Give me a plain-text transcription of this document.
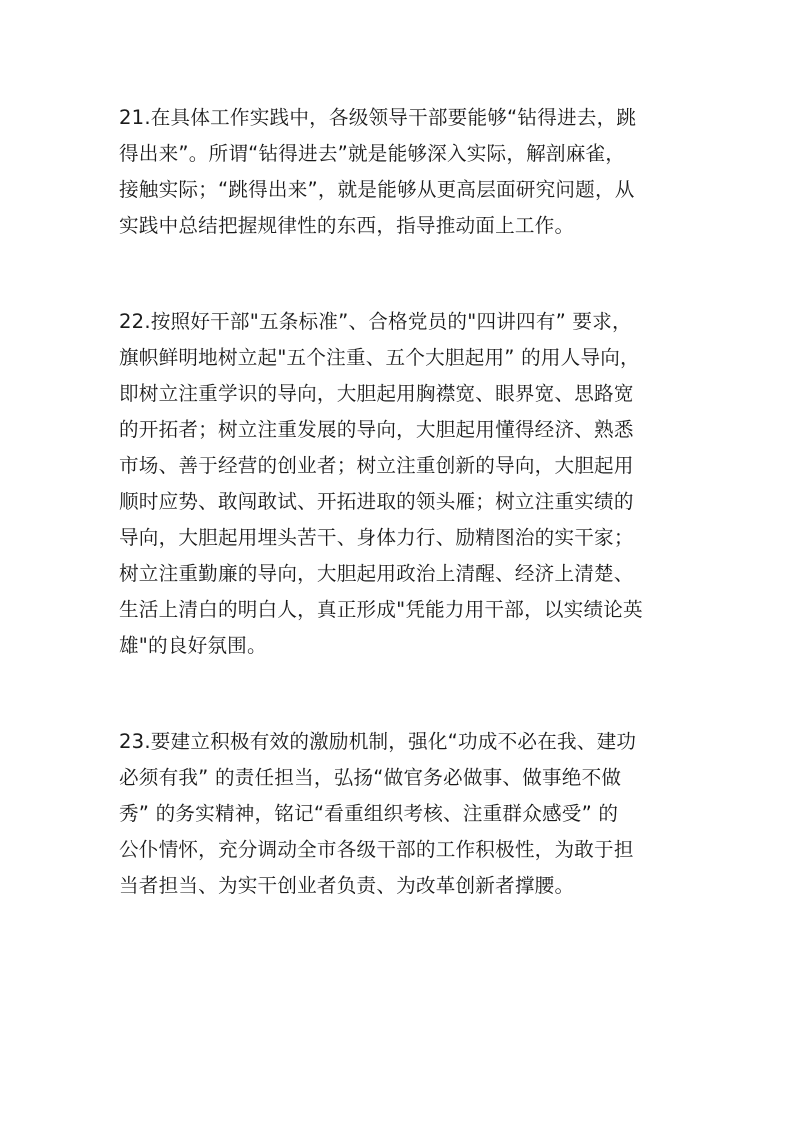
21.在具体工作实践中，各级领导干部要能够“钻得进去，跳
得出来”。所谓“钻得进去”就是能够深入实际，解剖麻雀，
接触实际；“跳得出来”，就是能够从更高层面研究问题，从
实践中总结把握规律性的东西，指导推动面上工作。
22.按照好干部"五条标准”、合格党员的"四讲四有” 要求，
旗帜鲜明地树立起"五个注重、五个大胆起用” 的用人导向，
即树立注重学识的导向，大胆起用胸襟宽、眼界宽、思路宽
的开拓者；树立注重发展的导向，大胆起用懂得经济、熟悉
市场、善于经营的创业者；树立注重创新的导向，大胆起用
顺时应势、敢闯敢试、开拓进取的领头雁；树立注重实绩的
导向，大胆起用埋头苦干、身体力行、励精图治的实干家；
树立注重勤廉的导向，大胆起用政治上清醒、经济上清楚、
生活上清白的明白人，真正形成"凭能力用干部，以实绩论英
雄"的良好氛围。
23.要建立积极有效的激励机制，强化“功成不必在我、建功
必须有我” 的责任担当，弘扬“做官务必做事、做事绝不做
秀” 的务实精神，铭记“看重组织考核、注重群众感受” 的
公仆情怀，充分调动全市各级干部的工作积极性，为敢于担
当者担当、为实干创业者负责、为改革创新者撑腰。
